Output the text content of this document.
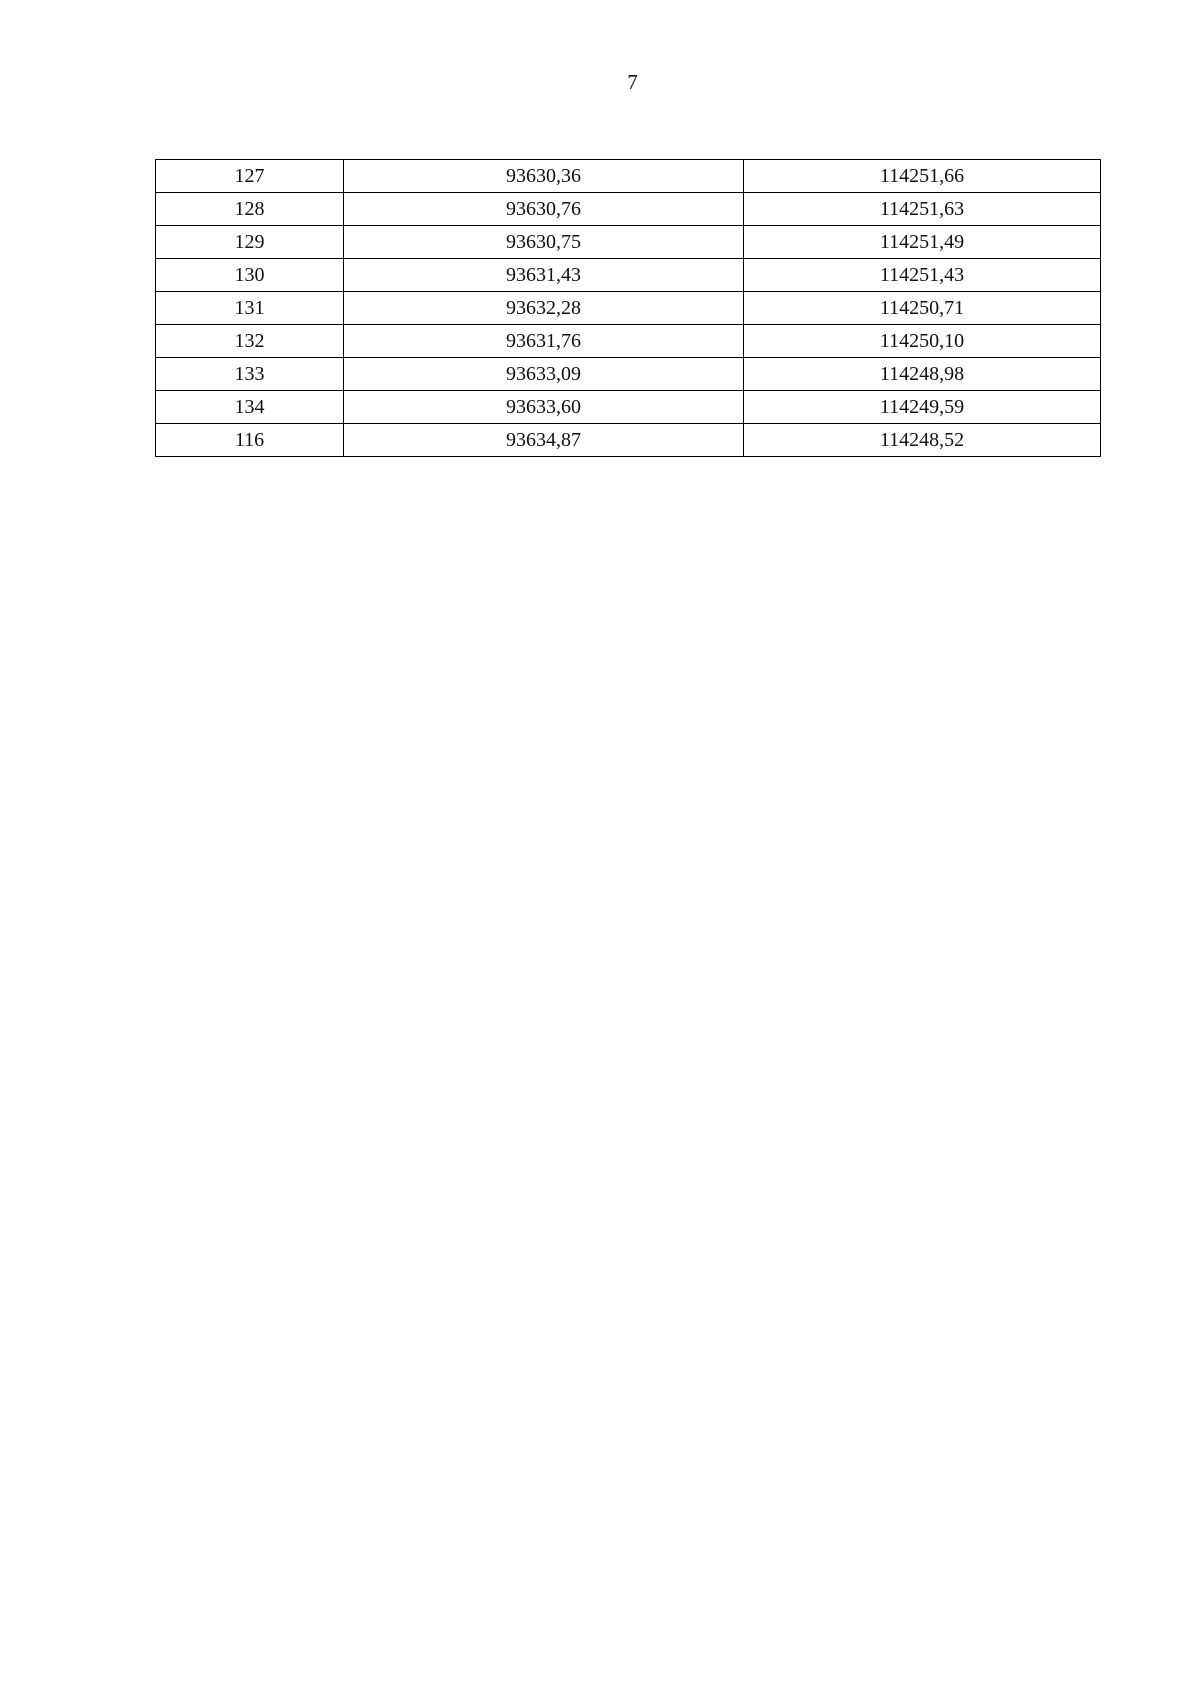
7
127	93630,36	114251,66
128	93630,76	114251,63
129	93630,75	114251,49
130	93631,43	114251,43
131	93632,28	114250,71
132	93631,76	114250,10
133	93633,09	114248,98
134	93633,60	114249,59
116	93634,87	114248,52
